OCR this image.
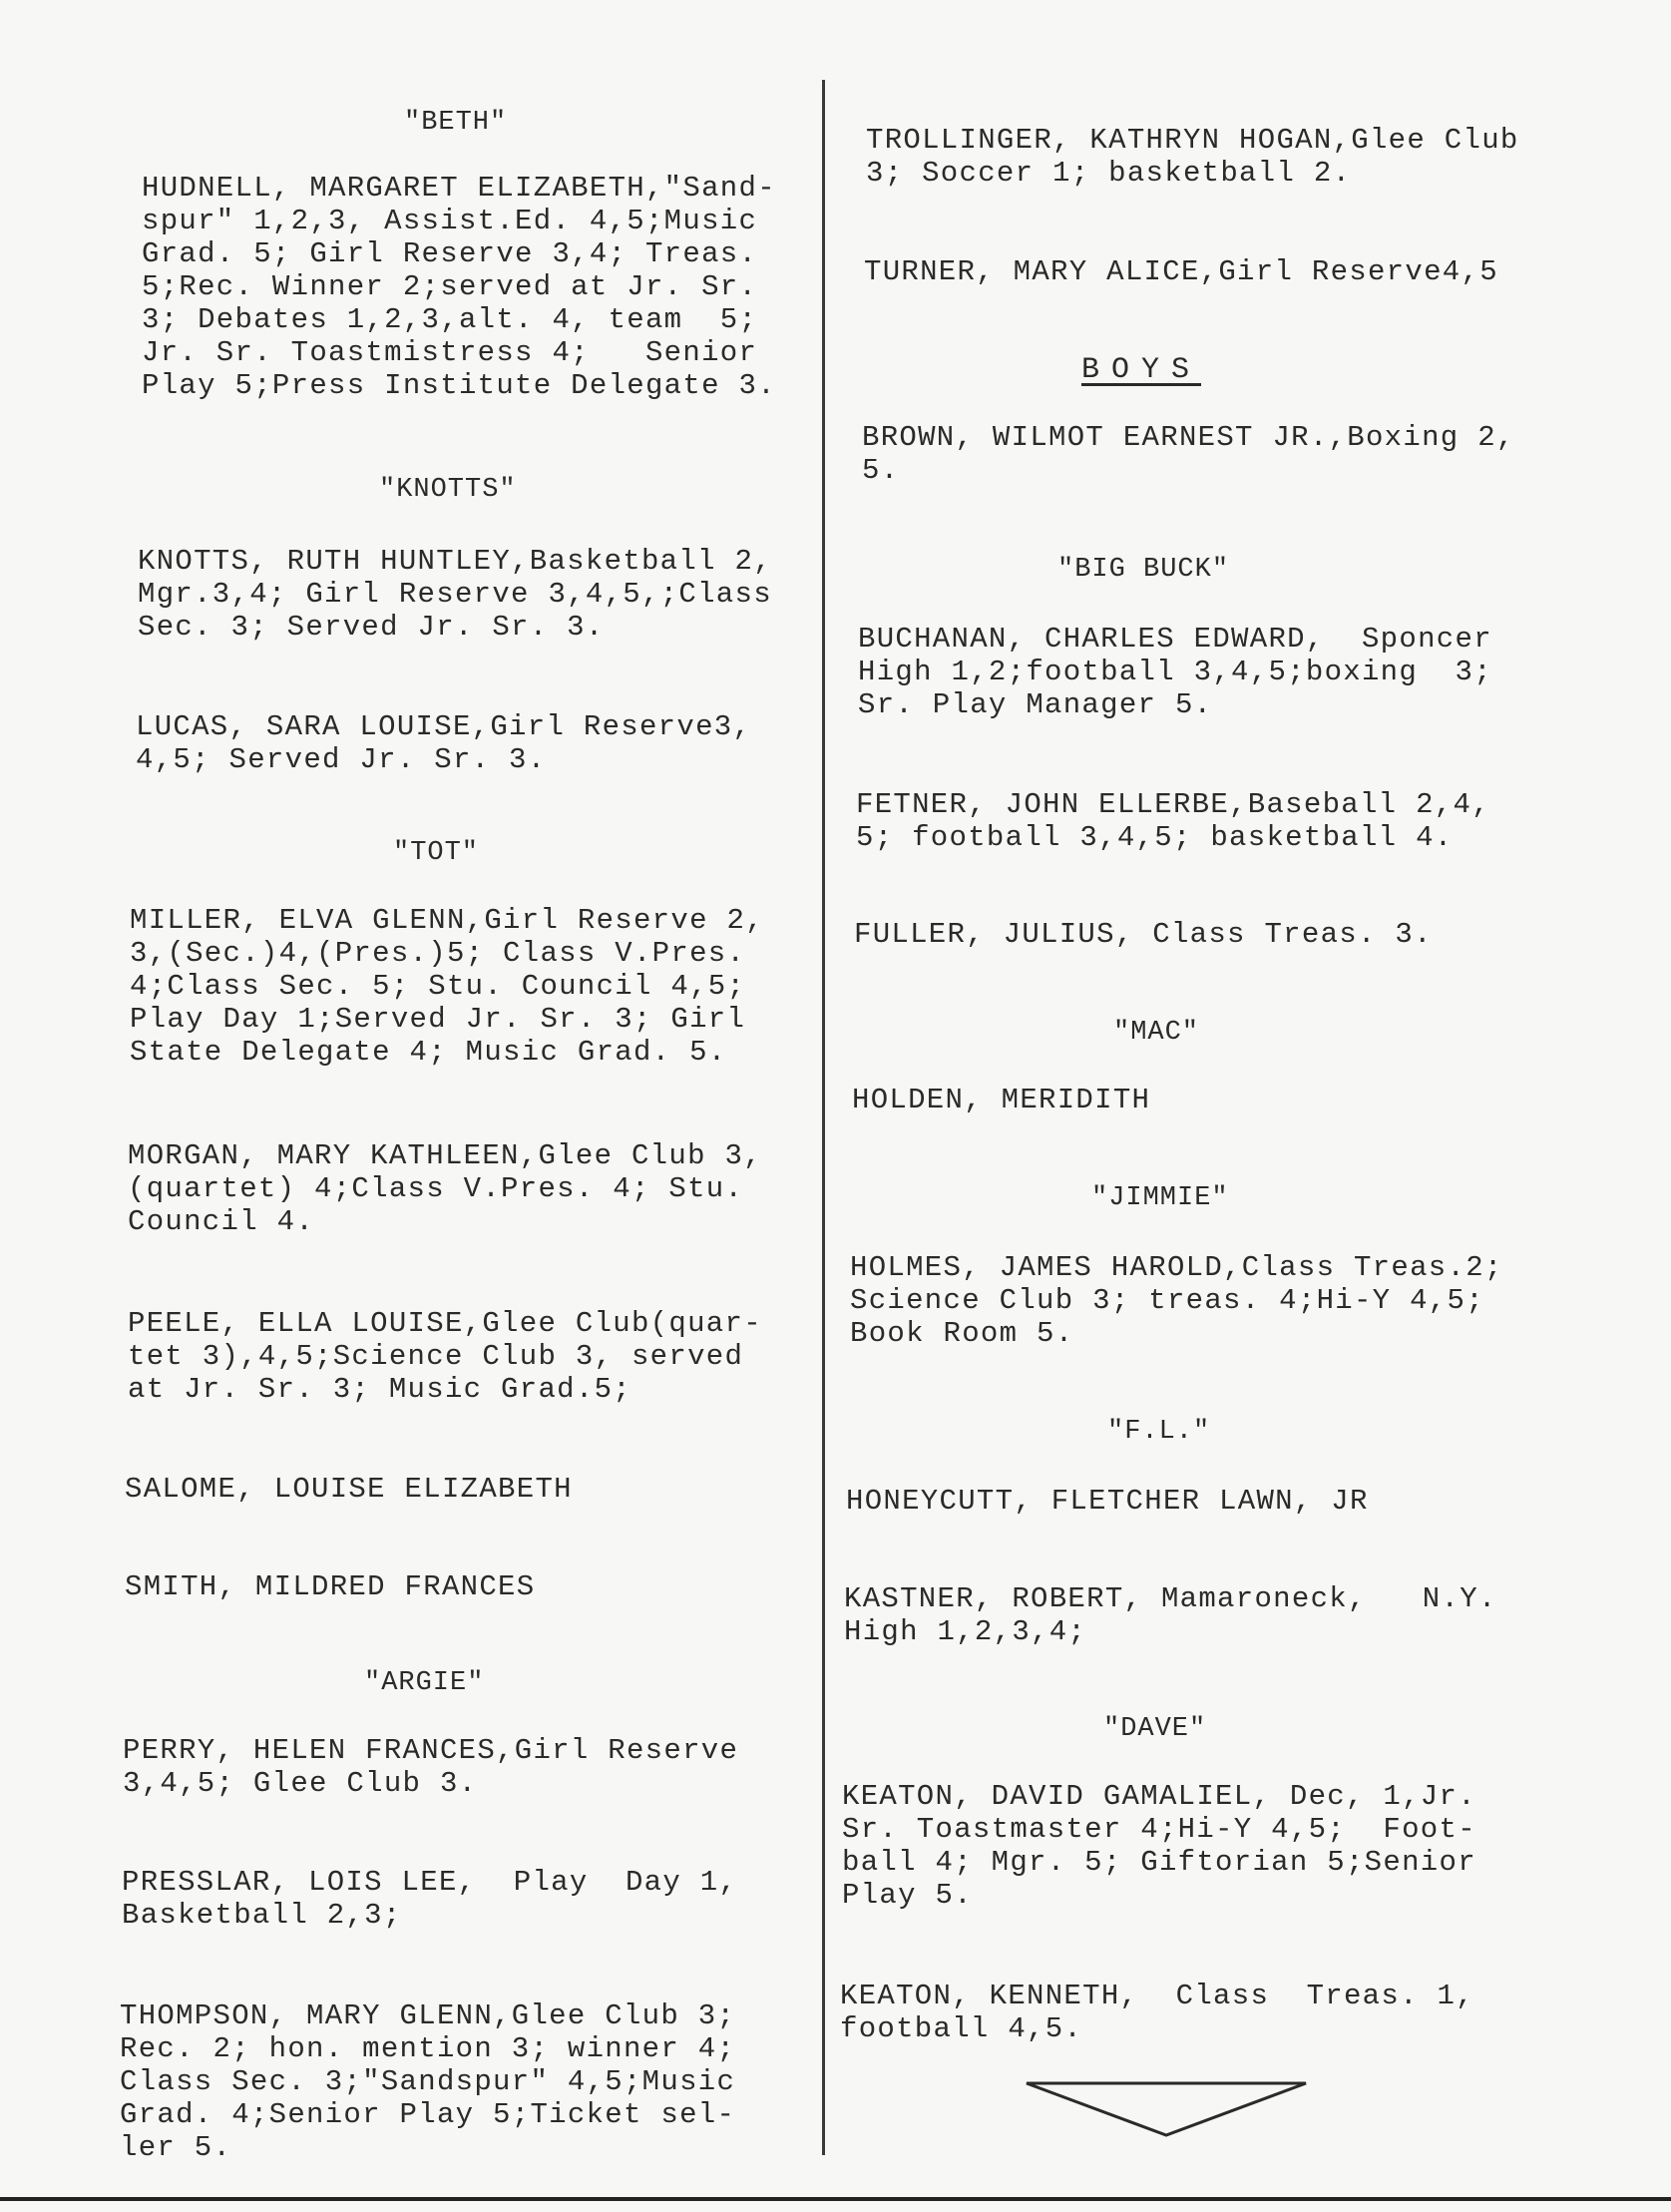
"BETH"
HUDNELL, MARGARET ELIZABETH,"Sand-
spur" 1,2,3, Assist.Ed. 4,5;Music
Grad. 5; Girl Reserve 3,4; Treas.
5;Rec. Winner 2;served at Jr. Sr.
3; Debates 1,2,3,alt. 4, team  5;
Jr. Sr. Toastmistress 4;   Senior
Play 5;Press Institute Delegate 3.
"KNOTTS"
KNOTTS, RUTH HUNTLEY,Basketball 2,
Mgr.3,4; Girl Reserve 3,4,5,;Class
Sec. 3; Served Jr. Sr. 3.
LUCAS, SARA LOUISE,Girl Reserve3,
4,5; Served Jr. Sr. 3.
"TOT"
MILLER, ELVA GLENN,Girl Reserve 2,
3,(Sec.)4,(Pres.)5; Class V.Pres.
4;Class Sec. 5; Stu. Council 4,5;
Play Day 1;Served Jr. Sr. 3; Girl
State Delegate 4; Music Grad. 5.
MORGAN, MARY KATHLEEN,Glee Club 3,
(quartet) 4;Class V.Pres. 4; Stu.
Council 4.
PEELE, ELLA LOUISE,Glee Club(quar-
tet 3),4,5;Science Club 3, served
at Jr. Sr. 3; Music Grad.5;
SALOME, LOUISE ELIZABETH
SMITH, MILDRED FRANCES
"ARGIE"
PERRY, HELEN FRANCES,Girl Reserve
3,4,5; Glee Club 3.
PRESSLAR, LOIS LEE,  Play  Day 1,
Basketball 2,3;
THOMPSON, MARY GLENN,Glee Club 3;
Rec. 2; hon. mention 3; winner 4;
Class Sec. 3;"Sandspur" 4,5;Music
Grad. 4;Senior Play 5;Ticket sel-
ler 5.
TROLLINGER, KATHRYN HOGAN,Glee Club
3; Soccer 1; basketball 2.
TURNER, MARY ALICE,Girl Reserve4,5
BOYS
BROWN, WILMOT EARNEST JR.,Boxing 2,
5.
"BIG BUCK"
BUCHANAN, CHARLES EDWARD,  Sponcer
High 1,2;football 3,4,5;boxing  3;
Sr. Play Manager 5.
FETNER, JOHN ELLERBE,Baseball 2,4,
5; football 3,4,5; basketball 4.
FULLER, JULIUS, Class Treas. 3.
"MAC"
HOLDEN, MERIDITH
"JIMMIE"
HOLMES, JAMES HAROLD,Class Treas.2;
Science Club 3; treas. 4;Hi-Y 4,5;
Book Room 5.
"F.L."
HONEYCUTT, FLETCHER LAWN, JR
KASTNER, ROBERT, Mamaroneck,   N.Y.
High 1,2,3,4;
"DAVE"
KEATON, DAVID GAMALIEL, Dec, 1,Jr.
Sr. Toastmaster 4;Hi-Y 4,5;  Foot-
ball 4; Mgr. 5; Giftorian 5;Senior
Play 5.
KEATON, KENNETH,  Class  Treas. 1,
football 4,5.
